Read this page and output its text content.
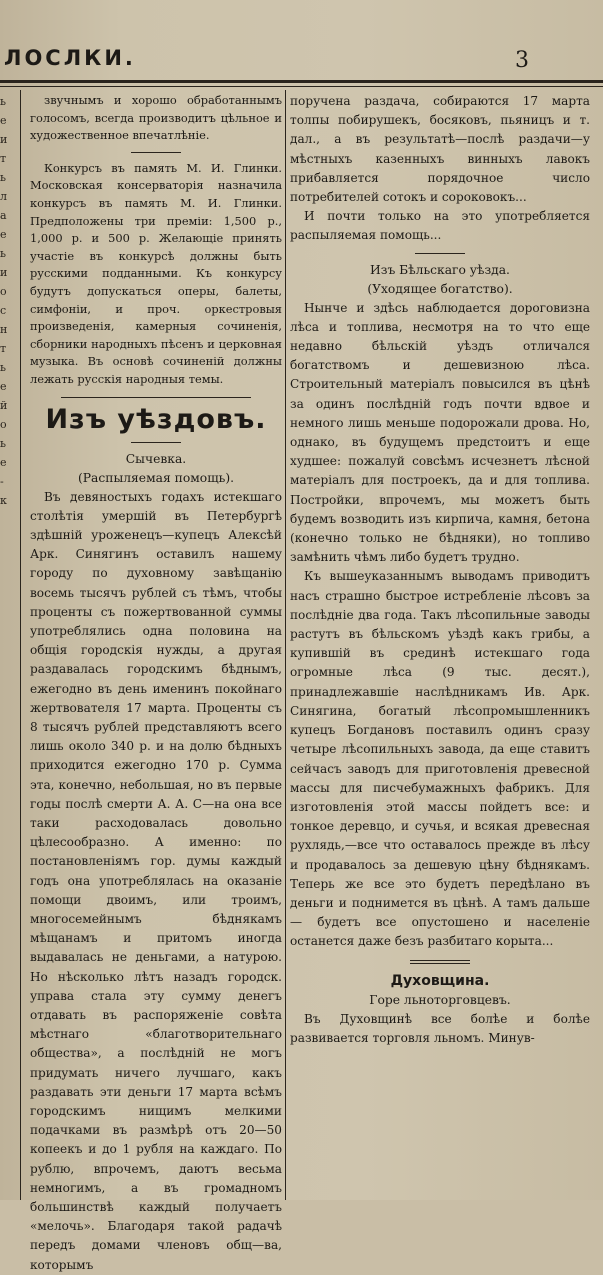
ЛОСЛКИ.	3
ь
е
и
т
ь
л
а
е
ь
и
о
с
н
т
ь
е
й
о
ь
е
-
к

звучнымъ и хорошо обработаннымъ голосомъ, всегда производитъ цѣльное и художественное впечатлѣніе.

Конкурсъ въ память М. И. Глинки. Московская консерваторія назначила конкурсъ въ память М. И. Глинки. Предположены три преміи: 1,500 р., 1,000 р. и 500 р. Желающіе принять участіе въ конкурсѣ должны быть русскими подданными. Къ конкурсу будутъ допускаться оперы, балеты, симфоніи, и проч. оркестровыя произведенія, камерныя сочиненія, сборники народныхъ пѣсенъ и церковная музыка. Въ основѣ сочиненій должны лежать русскія народныя темы.

Изъ уѣздовъ.
Сычевка.
(Распыляемая помощь).

Въ девяностыхъ годахъ истекшаго столѣтія умершій въ Петербургѣ здѣшній уроженецъ—купецъ Алексѣй Арк. Синягинъ оставилъ нашему городу по духовному завѣщанію восемь тысячъ рублей съ тѣмъ, чтобы проценты съ пожертвованной суммы употреблялись одна половина на общія городскія нужды, а другая раздавалась городскимъ бѣднымъ, ежегодно въ день именинъ покойнаго жертвователя 17 марта. Проценты съ 8 тысячъ рублей представляютъ всего лишь около 340 р. и на долю бѣдныхъ приходится ежегодно 170 р. Сумма эта, конечно, небольшая, но въ первые годы послѣ смерти А. А. С—на она все таки расходовалась довольно цѣлесообразно. А именно: по постановленіямъ гор. думы каждый годъ она употреблялась на оказаніе помощи двоимъ, или троимъ, многосемейнымъ бѣднякамъ мѣщанамъ и притомъ иногда выдавалась не деньгами, а натурою. Но нѣсколько лѣтъ назадъ городск. управа стала эту сумму денегъ отдавать въ распоряженіе совѣта мѣстнаго «благотворительнаго общества», а послѣдній не могъ придумать ничего лучшаго, какъ раздавать эти деньги 17 марта всѣмъ городскимъ нищимъ мелкими подачками въ размѣрѣ отъ 20—50 копеекъ и до 1 рубля на каждаго. По рублю, впрочемъ, даютъ весьма немногимъ, а въ громадномъ большинствѣ каждый получаетъ «мелочь». Благодаря такой радачѣ передъ домами членовъ общ—ва, которымъ

поручена раздача, собираются 17 марта толпы побирушекъ, босяковъ, пьяницъ и т. дал., а въ результатѣ—послѣ раздачи—у мѣстныхъ казенныхъ винныхъ лавокъ прибавляется порядочное число потребителей сотокъ и сороковокъ...

И почти только на это употребляется распыляемая помощь...

Изъ Бѣльскаго уѣзда.
(Уходящее богатство).

Нынче и здѣсь наблюдается дороговизна лѣса и топлива, несмотря на то что еще недавно бѣльскій уѣздъ отличался богатствомъ и дешевизною лѣса. Строительный матеріалъ повысился въ цѣнѣ за одинъ послѣдній годъ почти вдвое и немного лишь меньше подорожали дрова. Но, однако, въ будущемъ предстоитъ и еще худшее: пожалуй совсѣмъ исчезнетъ лѣсной матеріалъ для построекъ, да и для топлива. Постройки, впрочемъ, мы можетъ быть будемъ возводить изъ кирпича, камня, бетона (конечно только не бѣдняки), но топливо замѣнить чѣмъ либо будетъ трудно.

Къ вышеуказаннымъ выводамъ приводитъ насъ страшно быстрое истребленіе лѣсовъ за послѣдніе два года. Такъ лѣсопильные заводы растутъ въ бѣльскомъ уѣздѣ какъ грибы, а купившій въ срединѣ истекшаго года огромные лѣса (9 тыс. десят.), принадлежавшіе наслѣдникамъ Ив. Арк. Синягина, богатый лѣсопромышленникъ купецъ Богдановъ поставилъ одинъ сразу четыре лѣсопильныхъ завода, да еще ставитъ сейчасъ заводъ для приготовленія древесной массы для писчебумажныхъ фабрикъ. Для изготовленія этой массы пойдетъ все: и тонкое деревцо, и сучья, и всякая древесная рухлядь,—все что оставалось прежде въ лѣсу и продавалось за дешевую цѣну бѣднякамъ. Теперь же все это будетъ передѣлано въ деньги и поднимется въ цѣнѣ. А тамъ дальше — будетъ все опустошено и населеніе останется даже безъ разбитаго корыта...

Духовщина.
Горе льноторговцевъ.

Въ Духовщинѣ все болѣе и болѣе развивается торговля льномъ. Минув-
